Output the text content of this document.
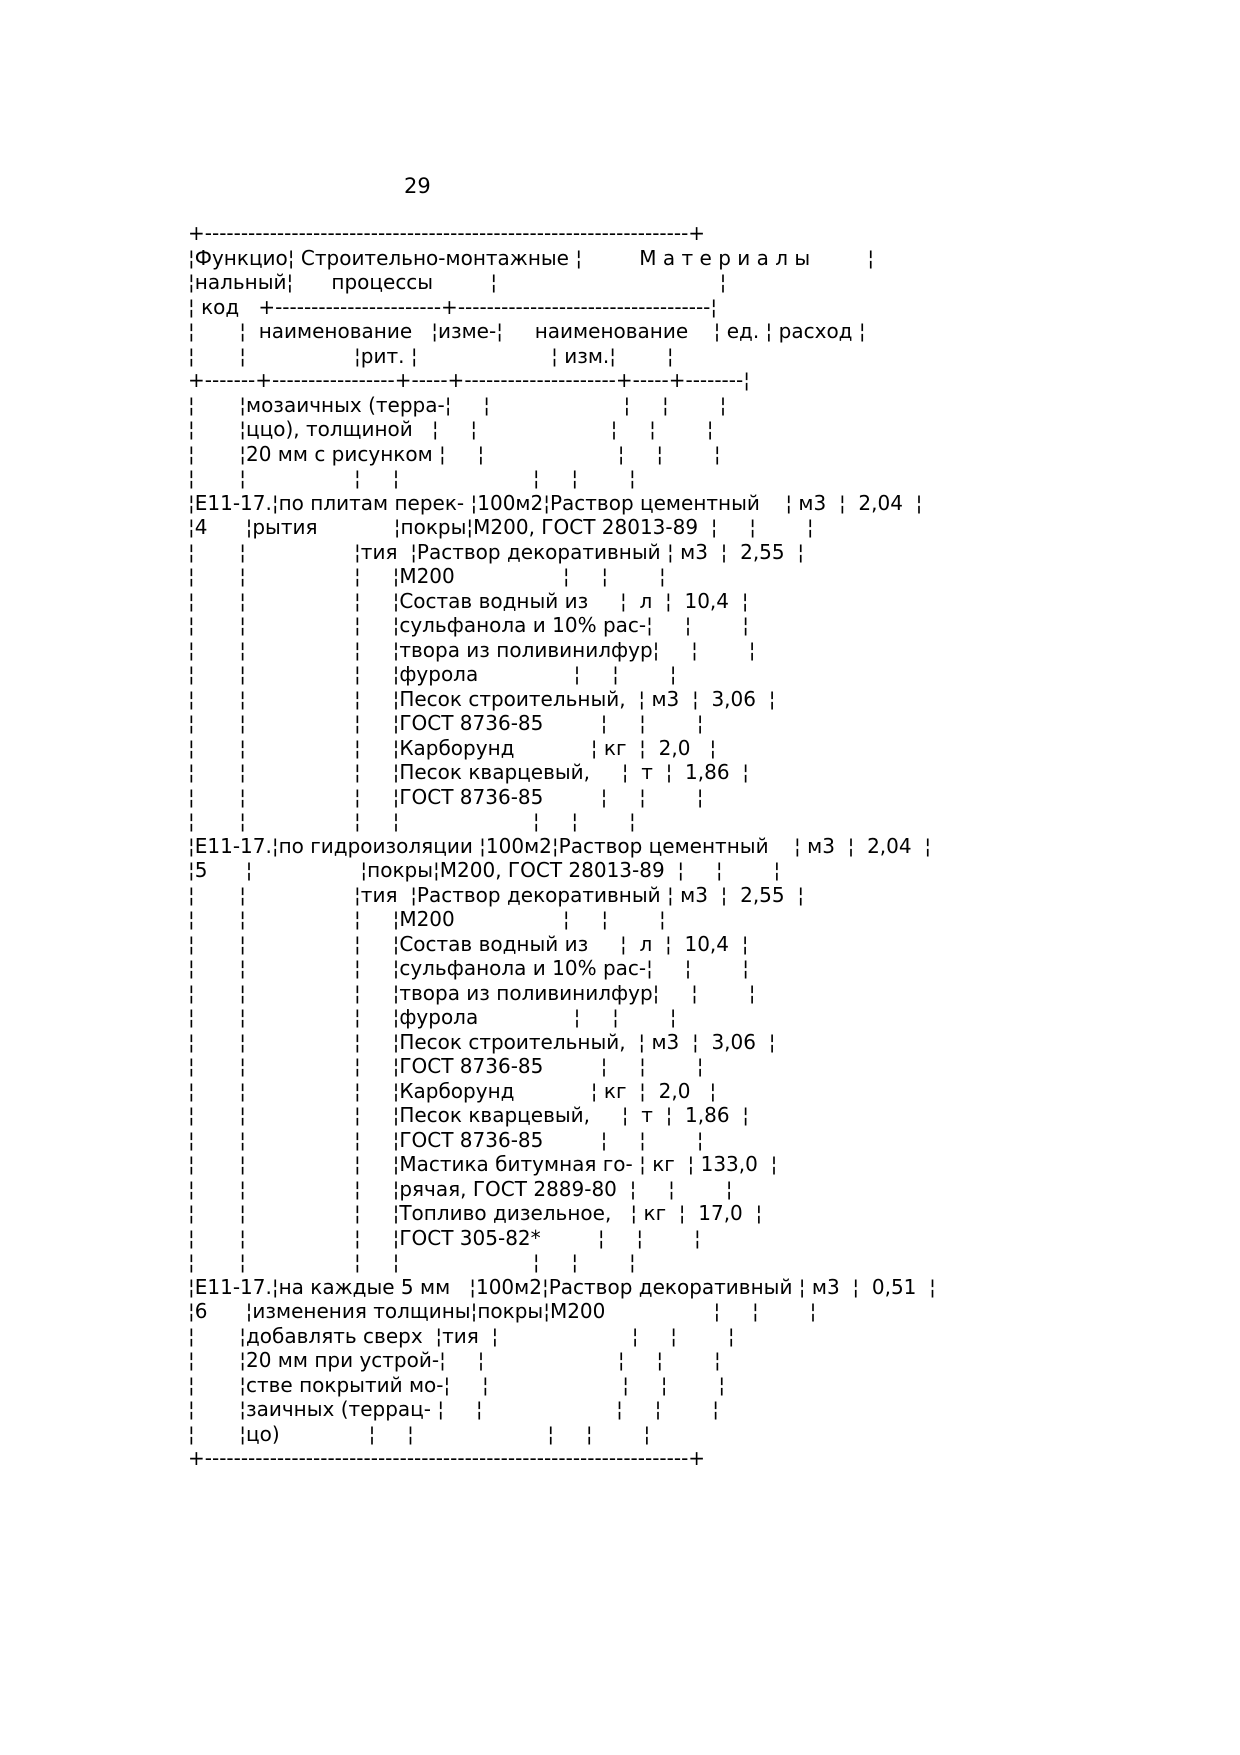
29
+-------------------------------------------------------------------+
¦Функцио¦ Строительно-монтажные ¦         М а т е р и а л ы         ¦
¦нальный¦      процессы         ¦                                   ¦
¦ код   +-----------------------+-----------------------------------¦
¦       ¦  наименование   ¦изме-¦     наименование    ¦ ед. ¦ расход ¦
¦       ¦                 ¦рит. ¦                     ¦ изм.¦        ¦
+-------+-----------------+-----+---------------------+-----+--------¦
¦       ¦мозаичных (терра-¦     ¦                     ¦     ¦        ¦
¦       ¦ццо), толщиной   ¦     ¦                     ¦     ¦        ¦
¦       ¦20 мм с рисунком ¦     ¦                     ¦     ¦        ¦
¦       ¦                 ¦     ¦                     ¦     ¦        ¦
¦Е11-17.¦по плитам перек- ¦100м2¦Раствор цементный    ¦ м3  ¦  2,04  ¦
¦4      ¦рытия            ¦покры¦М200, ГОСТ 28013-89  ¦     ¦        ¦
¦       ¦                 ¦тия  ¦Раствор декоративный ¦ м3  ¦  2,55  ¦
¦       ¦                 ¦     ¦М200                 ¦     ¦        ¦
¦       ¦                 ¦     ¦Состав водный из     ¦  л  ¦  10,4  ¦
¦       ¦                 ¦     ¦сульфанола и 10% рас-¦     ¦        ¦
¦       ¦                 ¦     ¦твора из поливинилфур¦     ¦        ¦
¦       ¦                 ¦     ¦фурола               ¦     ¦        ¦
¦       ¦                 ¦     ¦Песок строительный,  ¦ м3  ¦  3,06  ¦
¦       ¦                 ¦     ¦ГОСТ 8736-85         ¦     ¦        ¦
¦       ¦                 ¦     ¦Карборунд            ¦ кг  ¦  2,0   ¦
¦       ¦                 ¦     ¦Песок кварцевый,     ¦  т  ¦  1,86  ¦
¦       ¦                 ¦     ¦ГОСТ 8736-85         ¦     ¦        ¦
¦       ¦                 ¦     ¦                     ¦     ¦        ¦
¦Е11-17.¦по гидроизоляции ¦100м2¦Раствор цементный    ¦ м3  ¦  2,04  ¦
¦5      ¦                 ¦покры¦М200, ГОСТ 28013-89  ¦     ¦        ¦
¦       ¦                 ¦тия  ¦Раствор декоративный ¦ м3  ¦  2,55  ¦
¦       ¦                 ¦     ¦М200                 ¦     ¦        ¦
¦       ¦                 ¦     ¦Состав водный из     ¦  л  ¦  10,4  ¦
¦       ¦                 ¦     ¦сульфанола и 10% рас-¦     ¦        ¦
¦       ¦                 ¦     ¦твора из поливинилфур¦     ¦        ¦
¦       ¦                 ¦     ¦фурола               ¦     ¦        ¦
¦       ¦                 ¦     ¦Песок строительный,  ¦ м3  ¦  3,06  ¦
¦       ¦                 ¦     ¦ГОСТ 8736-85         ¦     ¦        ¦
¦       ¦                 ¦     ¦Карборунд            ¦ кг  ¦  2,0   ¦
¦       ¦                 ¦     ¦Песок кварцевый,     ¦  т  ¦  1,86  ¦
¦       ¦                 ¦     ¦ГОСТ 8736-85         ¦     ¦        ¦
¦       ¦                 ¦     ¦Мастика битумная го- ¦ кг  ¦ 133,0  ¦
¦       ¦                 ¦     ¦рячая, ГОСТ 2889-80  ¦     ¦        ¦
¦       ¦                 ¦     ¦Топливо дизельное,   ¦ кг  ¦  17,0  ¦
¦       ¦                 ¦     ¦ГОСТ 305-82*         ¦     ¦        ¦
¦       ¦                 ¦     ¦                     ¦     ¦        ¦
¦Е11-17.¦на каждые 5 мм   ¦100м2¦Раствор декоративный ¦ м3  ¦  0,51  ¦
¦6      ¦изменения толщины¦покры¦М200                 ¦     ¦        ¦
¦       ¦добавлять сверх  ¦тия  ¦                     ¦     ¦        ¦
¦       ¦20 мм при устрой-¦     ¦                     ¦     ¦        ¦
¦       ¦стве покрытий мо-¦     ¦                     ¦     ¦        ¦
¦       ¦заичных (террац- ¦     ¦                     ¦     ¦        ¦
¦       ¦цо)              ¦     ¦                     ¦     ¦        ¦
+-------------------------------------------------------------------+
